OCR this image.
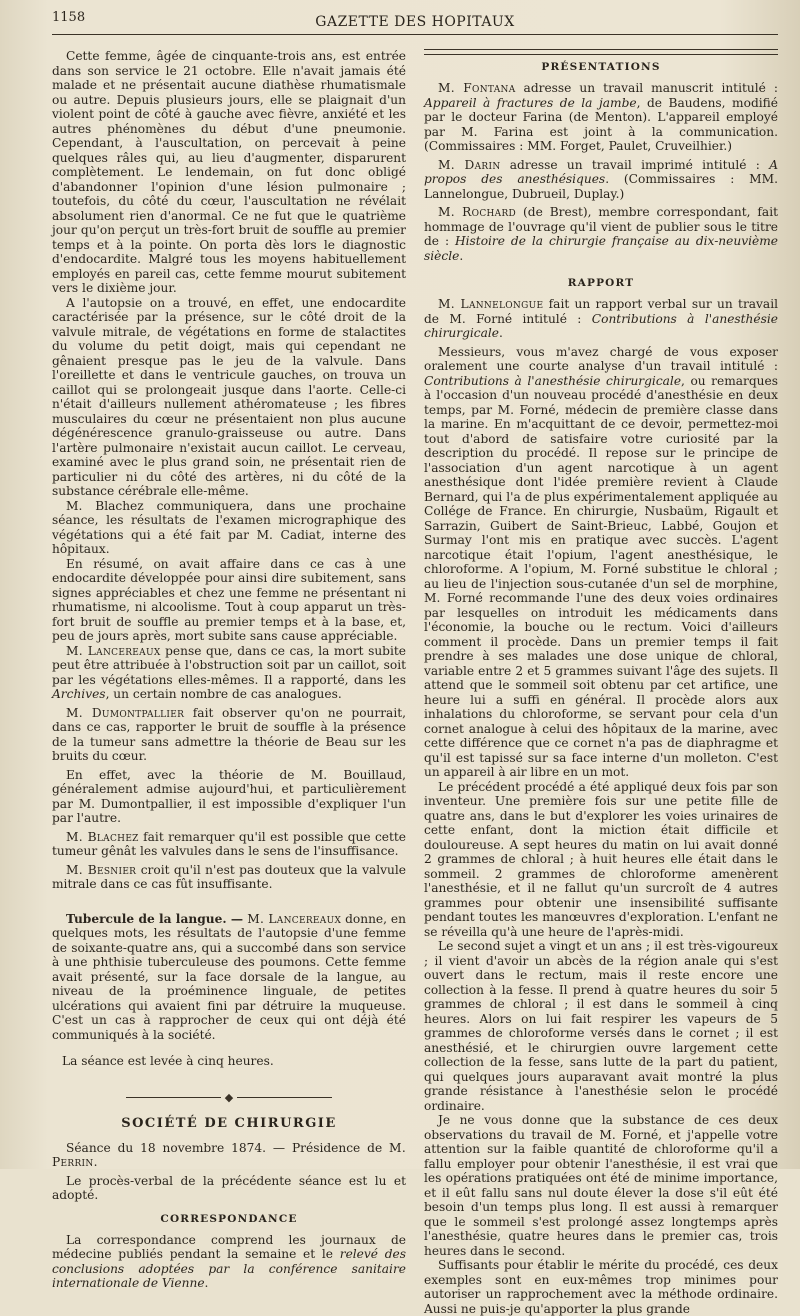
1158	GAZETTE DES HOPITAUX

Cette femme, âgée de cinquante-trois ans, est entrée dans son service le 21 octobre. Elle n'avait jamais été malade et ne présentait aucune diathèse rhumatismale ou autre. Depuis plusieurs jours, elle se plaignait d'un violent point de côté à gauche avec fièvre, anxiété et les autres phénomènes du début d'une pneumonie. Cependant, à l'auscultation, on percevait à peine quelques râles qui, au lieu d'augmenter, disparurent complètement. Le lendemain, on fut donc obligé d'abandonner l'opinion d'une lésion pulmonaire ; toutefois, du côté du cœur, l'auscultation ne révélait absolument rien d'anormal. Ce ne fut que le quatrième jour qu'on perçut un très-fort bruit de souffle au premier temps et à la pointe. On porta dès lors le diagnostic d'endocardite. Malgré tous les moyens habituellement employés en pareil cas, cette femme mourut subitement vers le dixième jour.

A l'autopsie on a trouvé, en effet, une endocardite caractérisée par la présence, sur le côté droit de la valvule mitrale, de végétations en forme de stalactites du volume du petit doigt, mais qui cependant ne gênaient presque pas le jeu de la valvule. Dans l'oreillette et dans le ventricule gauches, on trouva un caillot qui se prolongeait jusque dans l'aorte. Celle-ci n'était d'ailleurs nullement athéromateuse ; les fibres musculaires du cœur ne présentaient non plus aucune dégénérescence granulo-graisseuse ou autre. Dans l'artère pulmonaire n'existait aucun caillot. Le cerveau, examiné avec le plus grand soin, ne présentait rien de particulier ni du côté des artères, ni du côté de la substance cérébrale elle-même.

M. Blachez communiquera, dans une prochaine séance, les résultats de l'examen micrographique des végétations qui a été fait par M. Cadiat, interne des hôpitaux.

En résumé, on avait affaire dans ce cas à une endocardite développée pour ainsi dire subitement, sans signes appréciables et chez une femme ne présentant ni rhumatisme, ni alcoolisme. Tout à coup apparut un très-fort bruit de souffle au premier temps et à la base, et, peu de jours après, mort subite sans cause appréciable.

M. Lancereaux pense que, dans ce cas, la mort subite peut être attribuée à l'obstruction soit par un caillot, soit par les végétations elles-mêmes. Il a rapporté, dans les Archives, un certain nombre de cas analogues.

M. Dumontpallier fait observer qu'on ne pourrait, dans ce cas, rapporter le bruit de souffle à la présence de la tumeur sans admettre la théorie de Beau sur les bruits du cœur.

En effet, avec la théorie de M. Bouillaud, généralement admise aujourd'hui, et particulièrement par M. Dumontpallier, il est impossible d'expliquer l'un par l'autre.

M. Blachez fait remarquer qu'il est possible que cette tumeur gênât les valvules dans le sens de l'insuffisance.

M. Besnier croit qu'il n'est pas douteux que la valvule mitrale dans ce cas fût insuffisante.

Tubercule de la langue. — M. Lancereaux donne, en quelques mots, les résultats de l'autopsie d'une femme de soixante-quatre ans, qui a succombé dans son service à une phthisie tuberculeuse des poumons. Cette femme avait présenté, sur la face dorsale de la langue, au niveau de la proéminence linguale, de petites ulcérations qui avaient fini par détruire la muqueuse. C'est un cas à rapprocher de ceux qui ont déjà été communiqués à la société.

La séance est levée à cinq heures.

◆
SOCIÉTÉ DE CHIRURGIE

Séance du 18 novembre 1874. — Présidence de M. Perrin.

Le procès-verbal de la précédente séance est lu et adopté.

CORRESPONDANCE

La correspondance comprend les journaux de médecine publiés pendant la semaine et le relevé des conclusions adoptées par la conférence sanitaire internationale de Vienne.

PRÉSENTATIONS

M. Fontana adresse un travail manuscrit intitulé : Appareil à fractures de la jambe, de Baudens, modifié par le docteur Farina (de Menton). L'appareil employé par M. Farina est joint à la communication. (Commissaires : MM. Forget, Paulet, Cruveilhier.)

M. Darin adresse un travail imprimé intitulé : A propos des anesthésiques. (Commissaires : MM. Lannelongue, Dubrueil, Duplay.)

M. Rochard (de Brest), membre correspondant, fait hommage de l'ouvrage qu'il vient de publier sous le titre de : Histoire de la chirurgie française au dix-neuvième siècle.

RAPPORT

M. Lannelongue fait un rapport verbal sur un travail de M. Forné intitulé : Contributions à l'anesthésie chirurgicale.

Messieurs, vous m'avez chargé de vous exposer oralement une courte analyse d'un travail intitulé : Contributions à l'anesthésie chirurgicale, ou remarques à l'occasion d'un nouveau procédé d'anesthésie en deux temps, par M. Forné, médecin de première classe dans la marine. En m'acquittant de ce devoir, permettez-moi tout d'abord de satisfaire votre curiosité par la description du procédé. Il repose sur le principe de l'association d'un agent narcotique à un agent anesthésique dont l'idée première revient à Claude Bernard, qui l'a de plus expérimentalement appliquée au Collége de France. En chirurgie, Nusbaüm, Rigault et Sarrazin, Guibert de Saint-Brieuc, Labbé, Goujon et Surmay l'ont mis en pratique avec succès. L'agent narcotique était l'opium, l'agent anesthésique, le chloroforme. A l'opium, M. Forné substitue le chloral ; au lieu de l'injection sous-cutanée d'un sel de morphine, M. Forné recommande l'une des deux voies ordinaires par lesquelles on introduit les médicaments dans l'économie, la bouche ou le rectum. Voici d'ailleurs comment il procède. Dans un premier temps il fait prendre à ses malades une dose unique de chloral, variable entre 2 et 5 grammes suivant l'âge des sujets. Il attend que le sommeil soit obtenu par cet artifice, une heure lui a suffi en général. Il procède alors aux inhalations du chloroforme, se servant pour cela d'un cornet analogue à celui des hôpitaux de la marine, avec cette différence que ce cornet n'a pas de diaphragme et qu'il est tapissé sur sa face interne d'un molleton. C'est un appareil à air libre en un mot.

Le précédent procédé a été appliqué deux fois par son inventeur. Une première fois sur une petite fille de quatre ans, dans le but d'explorer les voies urinaires de cette enfant, dont la miction était difficile et douloureuse. A sept heures du matin on lui avait donné 2 grammes de chloral ; à huit heures elle était dans le sommeil. 2 grammes de chloroforme amenèrent l'anesthésie, et il ne fallut qu'un surcroît de 4 autres grammes pour obtenir une insensibilité suffisante pendant toutes les manœuvres d'exploration. L'enfant ne se réveilla qu'à une heure de l'après-midi.

Le second sujet a vingt et un ans ; il est très-vigoureux ; il vient d'avoir un abcès de la région anale qui s'est ouvert dans le rectum, mais il reste encore une collection à la fesse. Il prend à quatre heures du soir 5 grammes de chloral ; il est dans le sommeil à cinq heures. Alors on lui fait respirer les vapeurs de 5 grammes de chloroforme versés dans le cornet ; il est anesthésié, et le chirurgien ouvre largement cette collection de la fesse, sans lutte de la part du patient, qui quelques jours auparavant avait montré la plus grande résistance à l'anesthésie selon le procédé ordinaire.

Je ne vous donne que la substance de ces deux observations du travail de M. Forné, et j'appelle votre attention sur la faible quantité de chloroforme qu'il a fallu employer pour obtenir l'anesthésie, il est vrai que les opérations pratiquées ont été de minime importance, et il eût fallu sans nul doute élever la dose s'il eût été besoin d'un temps plus long. Il est aussi à remarquer que le sommeil s'est prolongé assez longtemps après l'anesthésie, quatre heures dans le premier cas, trois heures dans le second.

Suffisants pour établir le mérite du procédé, ces deux exemples sont en eux-mêmes trop minimes pour autoriser un rapprochement avec la méthode ordinaire. Aussi ne puis-je qu'apporter la plus grande
